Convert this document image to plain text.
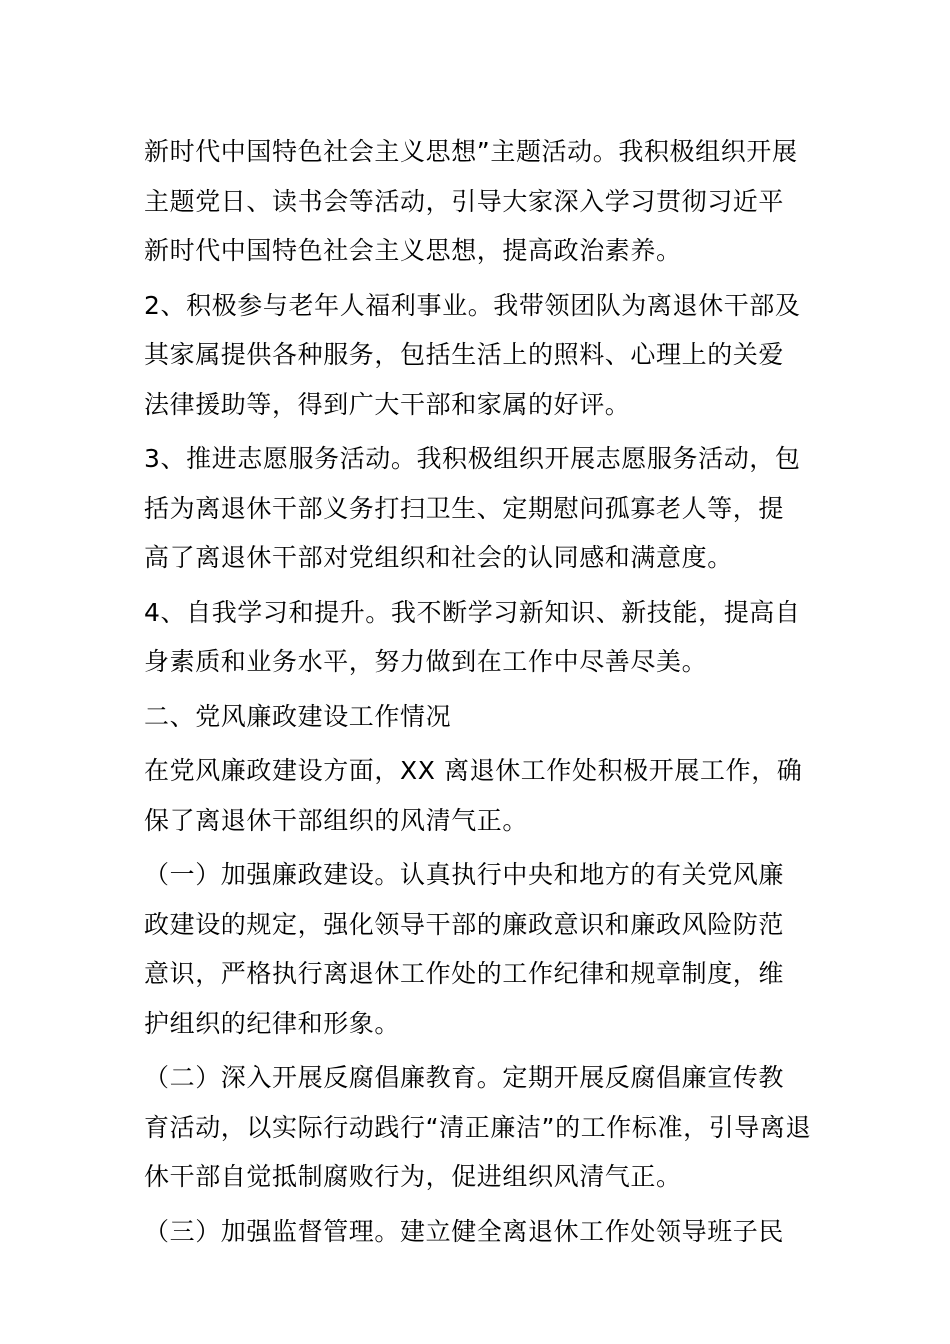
新时代中国特色社会主义思想”主题活动。我积极组织开展
主题党日、读书会等活动，引导大家深入学习贯彻习近平
新时代中国特色社会主义思想，提高政治素养。

2、积极参与老年人福利事业。我带领团队为离退休干部及
其家属提供各种服务，包括生活上的照料、心理上的关爱
法律援助等，得到广大干部和家属的好评。

3、推进志愿服务活动。我积极组织开展志愿服务活动，包
括为离退休干部义务打扫卫生、定期慰问孤寡老人等，提
高了离退休干部对党组织和社会的认同感和满意度。

4、自我学习和提升。我不断学习新知识、新技能，提高自
身素质和业务水平，努力做到在工作中尽善尽美。

二、党风廉政建设工作情况

在党风廉政建设方面，XX 离退休工作处积极开展工作，确
保了离退休干部组织的风清气正。

（一）加强廉政建设。认真执行中央和地方的有关党风廉
政建设的规定，强化领导干部的廉政意识和廉政风险防范
意识，严格执行离退休工作处的工作纪律和规章制度，维
护组织的纪律和形象。

（二）深入开展反腐倡廉教育。定期开展反腐倡廉宣传教
育活动，以实际行动践行“清正廉洁”的工作标准，引导离退
休干部自觉抵制腐败行为，促进组织风清气正。

（三）加强监督管理。建立健全离退休工作处领导班子民
